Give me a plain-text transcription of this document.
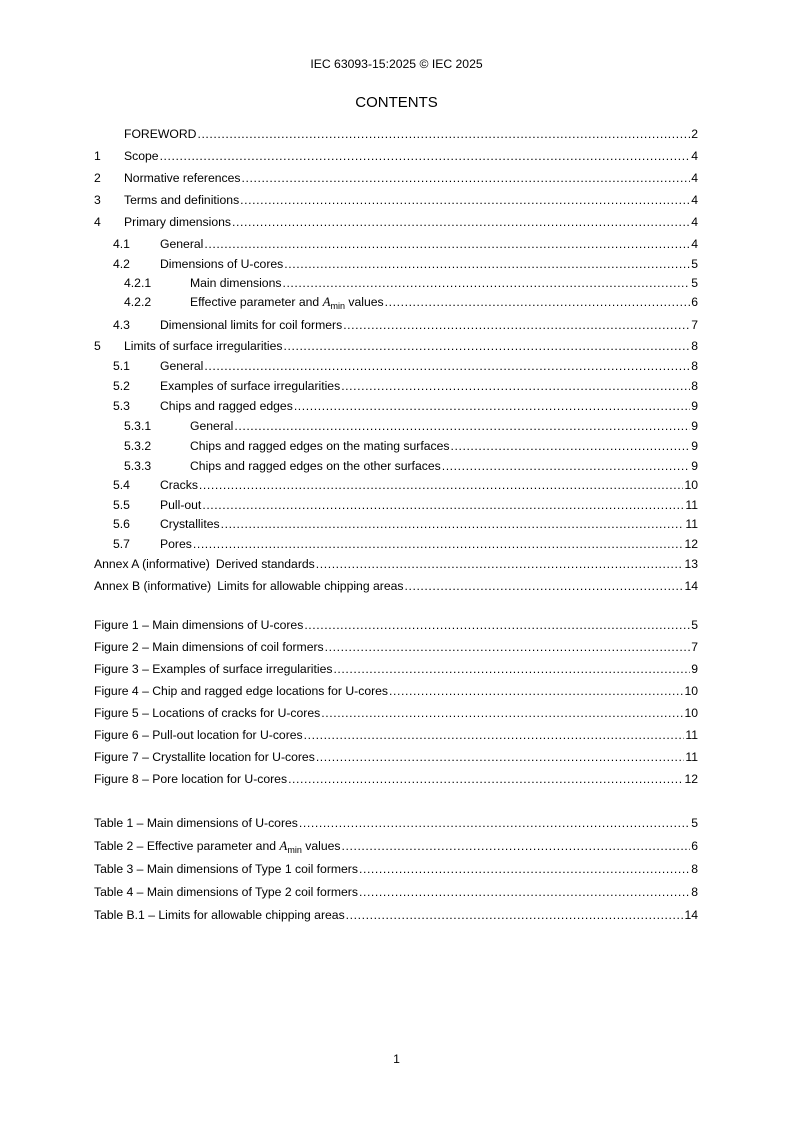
IEC 63093-15:2025 © IEC 2025
CONTENTS
FOREWORD .....	2
1	Scope .....	4
2	Normative references .....	4
3	Terms and definitions .....	4
4	Primary dimensions .....	4
4.1	General .....	4
4.2	Dimensions of U-cores .....	5
4.2.1	Main dimensions .....	5
4.2.2	Effective parameter and $A_{min}$ values .....	6
4.3	Dimensional limits for coil formers .....	7
5	Limits of surface irregularities .....	8
5.1	General .....	8
5.2	Examples of surface irregularities .....	8
5.3	Chips and ragged edges .....	9
5.3.1	General .....	9
5.3.2	Chips and ragged edges on the mating surfaces .....	9
5.3.3	Chips and ragged edges on the other surfaces .....	9
5.4	Cracks .....	10
5.5	Pull-out .....	11
5.6	Crystallites .....	11
5.7	Pores .....	12
Annex A (informative) Derived standards .....	13
Annex B (informative) Limits for allowable chipping areas .....	14
Figure 1 – Main dimensions of U-cores .....	5
Figure 2 – Main dimensions of coil formers .....	7
Figure 3 – Examples of surface irregularities .....	9
Figure 4 – Chip and ragged edge locations for U-cores .....	10
Figure 5 – Locations of cracks for U-cores .....	10
Figure 6 – Pull-out location for U-cores .....	11
Figure 7 – Crystallite location for U-cores .....	11
Figure 8 – Pore location for U-cores .....	12
Table 1 – Main dimensions of U-cores .....	5
Table 2 – Effective parameter and $A_{min}$ values .....	6
Table 3 – Main dimensions of Type 1 coil formers .....	8
Table 4 – Main dimensions of Type 2 coil formers .....	8
Table B.1 – Limits for allowable chipping areas .....	14
1
